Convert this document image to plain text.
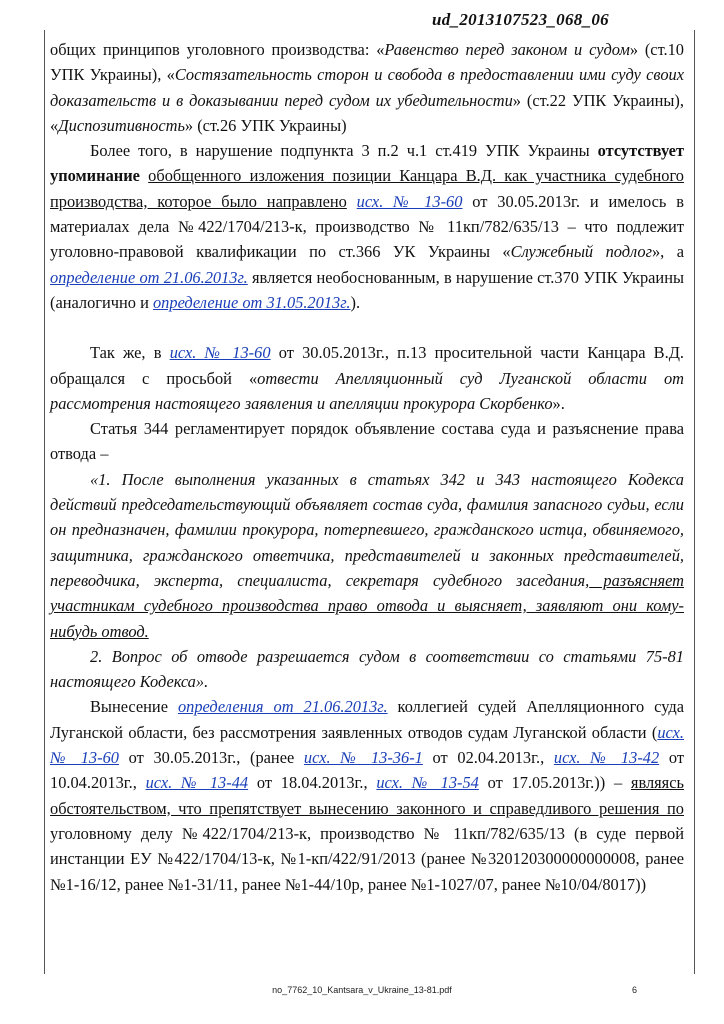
ud_2013107523_068_06

общих принципов уголовного производства: «Равенство перед законом и судом» (ст.10 УПК Украины), «Состязательность сторон и свобода в предоставлении ими суду своих доказательств и в доказывании перед судом их убедительности» (ст.22 УПК Украины), «Диспозитивность» (ст.26 УПК Украины)

Более того, в нарушение подпункта 3 п.2 ч.1 ст.419 УПК Украины отсутствует упоминание обобщенного изложения позиции Канцара В.Д. как участника судебного производства, которое было направлено исх. № 13-60 от 30.05.2013г. и имелось в материалах дела №422/1704/213-к, производство № 11кп/782/635/13 – что подлежит уголовно-правовой квалификации по ст.366 УК Украины «Служебный подлог», а определение от 21.06.2013г. является необоснованным, в нарушение ст.370 УПК Украины (аналогично и определение от 31.05.2013г.).

Так же, в исх. № 13-60 от 30.05.2013г., п.13 просительной части Канцара В.Д. обращался с просьбой «отвести Апелляционный суд Луганской области от рассмотрения настоящего заявления и апелляции прокурора Скорбенко».

Статья 344 регламентирует порядок объявление состава суда и разъяснение права отвода –

«1. После выполнения указанных в статьях 342 и 343 настоящего Кодекса действий председательствующий объявляет состав суда, фамилия запасного судьи, если он предназначен, фамилии прокурора, потерпевшего, гражданского истца, обвиняемого, защитника, гражданского ответчика, представителей и законных представителей, переводчика, эксперта, специалиста, секретаря судебного заседания, разъясняет участникам судебного производства право отвода и выясняет, заявляют они кому-нибудь отвод.

2. Вопрос об отводе разрешается судом в соответствии со статьями 75-81 настоящего Кодекса».

Вынесение определения от 21.06.2013г. коллегией судей Апелляционного суда Луганской области, без рассмотрения заявленных отводов судам Луганской области (исх. № 13-60 от 30.05.2013г., (ранее исх. № 13-36-1 от 02.04.2013г., исх. № 13-42 от 10.04.2013г., исх. № 13-44 от 18.04.2013г., исх. № 13-54 от 17.05.2013г.)) – являясь обстоятельством, что препятствует вынесению законного и справедливого решения по уголовному делу №422/1704/213-к, производство № 11кп/782/635/13 (в суде первой инстанции ЕУ №422/1704/13-к, №1-кп/422/91/2013 (ранее №320120300000000008, ранее №1-16/12, ранее №1-31/11, ранее №1-44/10р, ранее №1-1027/07, ранее №10/04/8017))

no_7762_10_Kantsara_v_Ukraine_13-81.pdf	6
